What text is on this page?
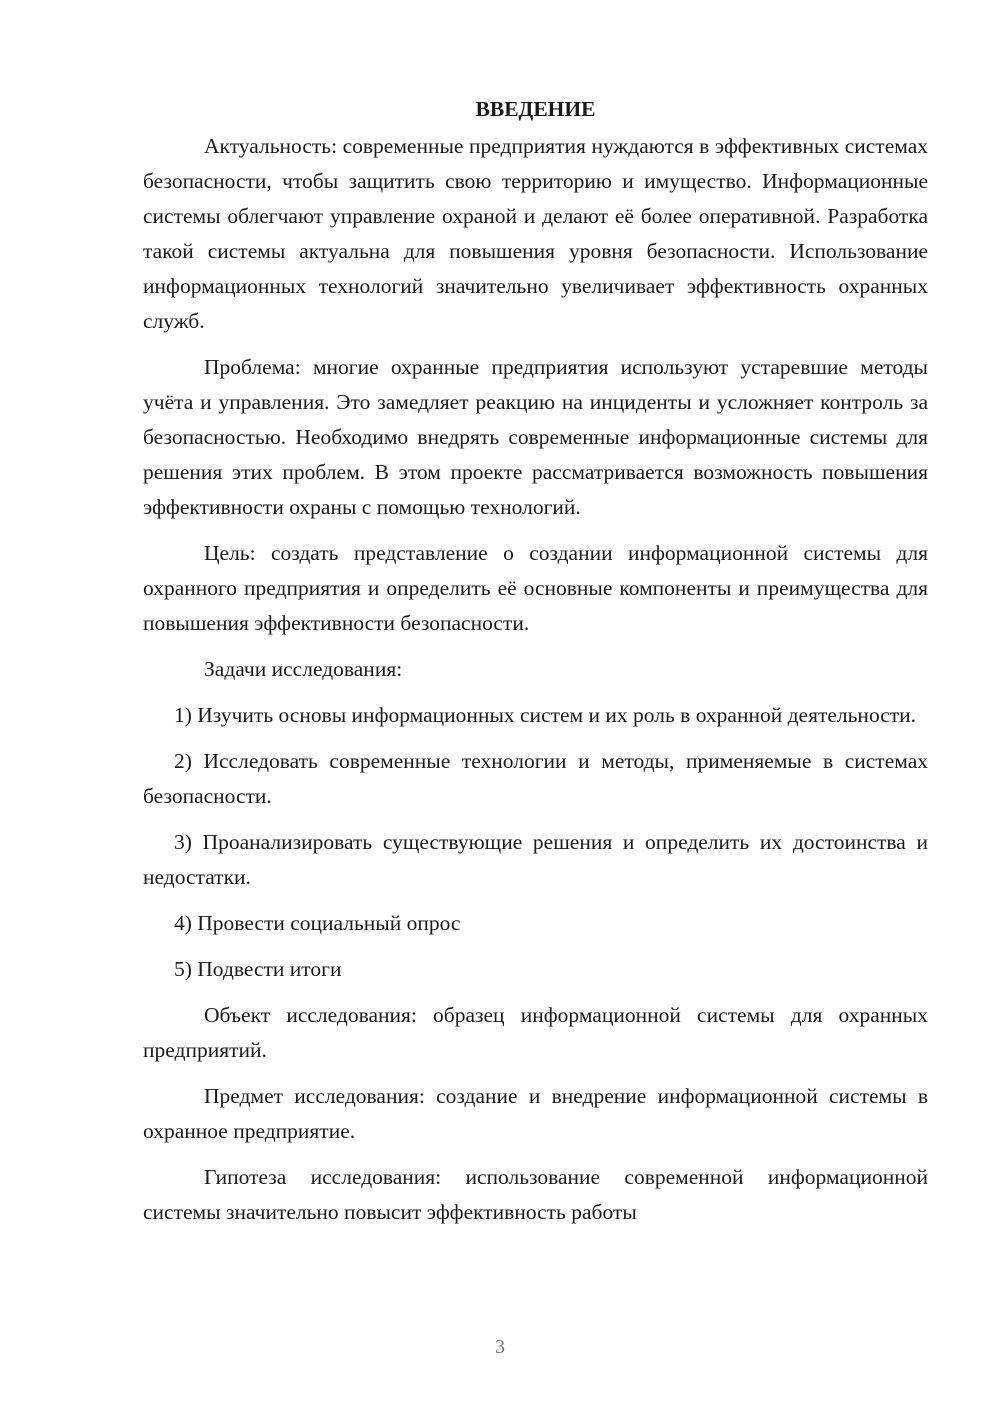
ВВЕДЕНИЕ

Актуальность: современные предприятия нуждаются в эффективных системах безопасности, чтобы защитить свою территорию и имущество. Информационные системы облегчают управление охраной и делают её более оперативной. Разработка такой системы актуальна для повышения уровня безопасности. Использование информационных технологий значительно увеличивает эффективность охранных служб.

Проблема: многие охранные предприятия используют устаревшие методы учёта и управления. Это замедляет реакцию на инциденты и усложняет контроль за безопасностью. Необходимо внедрять современные информационные системы для решения этих проблем. В этом проекте рассматривается возможность повышения эффективности охраны с помощью технологий.

Цель: создать представление о создании информационной системы для охранного предприятия и определить её основные компоненты и преимущества для повышения эффективности безопасности.

Задачи исследования:

1) Изучить основы информационных систем и их роль в охранной деятельности.

2) Исследовать современные технологии и методы, применяемые в системах безопасности.

3) Проанализировать существующие решения и определить их достоинства и недостатки.

4) Провести социальный опрос

5) Подвести итоги

Объект исследования: образец информационной системы для охранных предприятий.

Предмет исследования: создание и внедрение информационной системы в охранное предприятие.

Гипотеза исследования: использование современной информационной системы значительно повысит эффективность работы

3
